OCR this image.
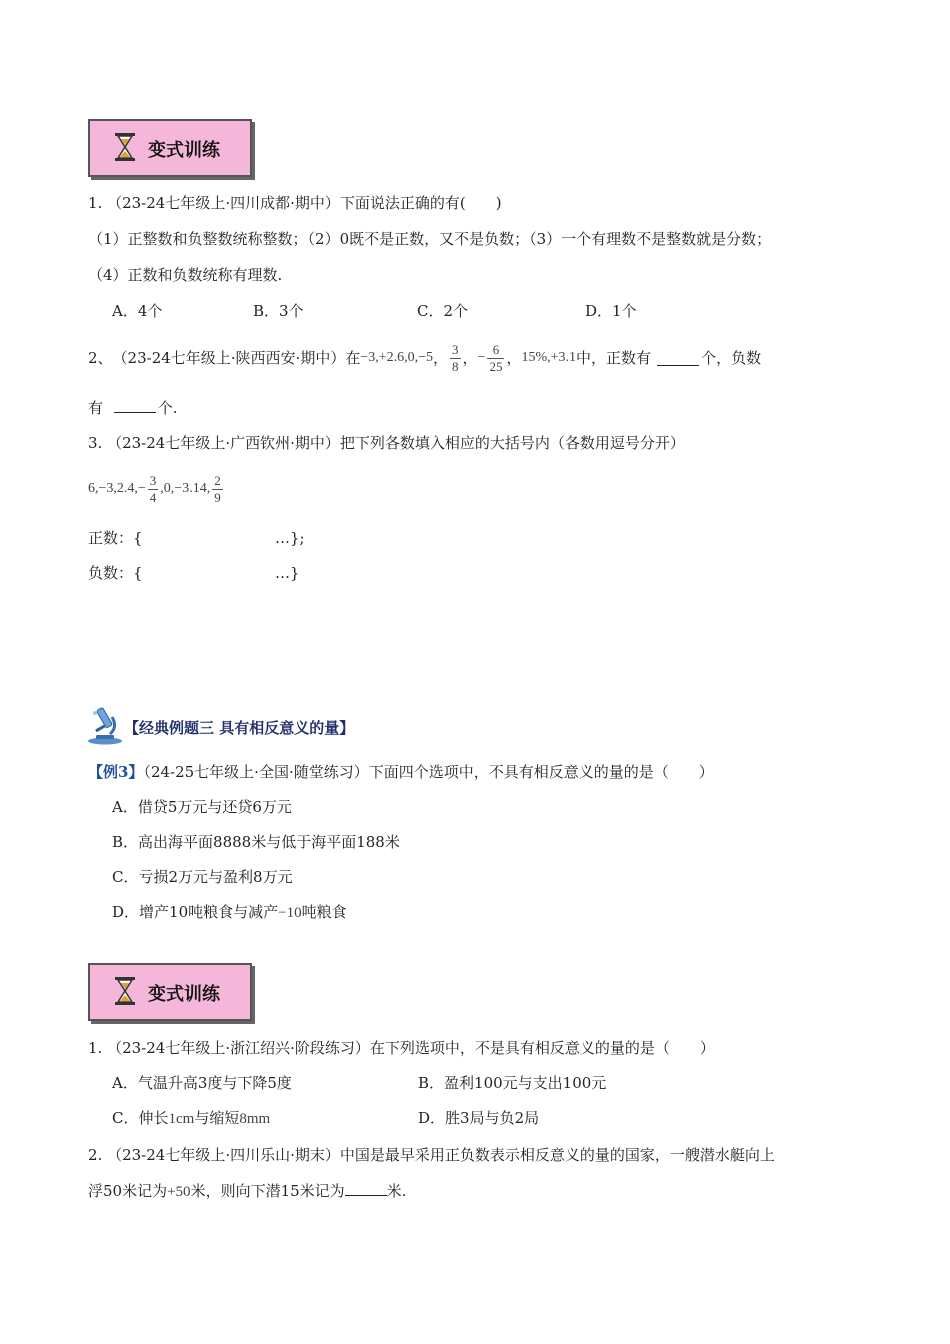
变式训练
1. （23-24七年级上·四川成都·期中）下面说法正确的有(　　)
（1）正整数和负整数统称整数；（2）0既不是正数，又不是负数；（3）一个有理数不是整数就是分数；
（4）正数和负数统称有理数.
A．4个	B．3个	C．2个	D．1个
2、 （23-24七年级上·陕西西安·期中） 在 −3,+2.6,0,−5 ， $\frac{3}{8}$ ， − $\frac{6}{25}$ ， 15%,+3.1 中，正数有	个，负数
有	个.
3. （23-24七年级上·广西钦州·期中）把下列各数填入相应的大括号内（各数用逗号分开）
$6,-3,2.4,- \frac{3}{4} ,0,-3.14$, $\frac{2}{9}$
正数：{	…};
负数：{	…}
【经典例题三 具有相反意义的量】
【例3】（24-25七年级上·全国·随堂练习）下面四个选项中，不具有相反意义的量的是（　　）
A．借贷5万元与还贷6万元
B．高出海平面8888米与低于海平面188米
C．亏损2万元与盈利8万元
D．增产10吨粮食与减产−10吨粮食
变式训练
1. （23-24七年级上·浙江绍兴·阶段练习）在下列选项中，不是具有相反意义的量的是（　　）
A．气温升高3度与下降5度	B．盈利100元与支出100元
C．伸长1cm与缩短8mm	D．胜3局与负2局
2. （23-24七年级上·四川乐山·期末）中国是最早采用正负数表示相反意义的量的国家，一艘潜水艇向上
浮50米记为+50米，则向下潜15米记为	米.
